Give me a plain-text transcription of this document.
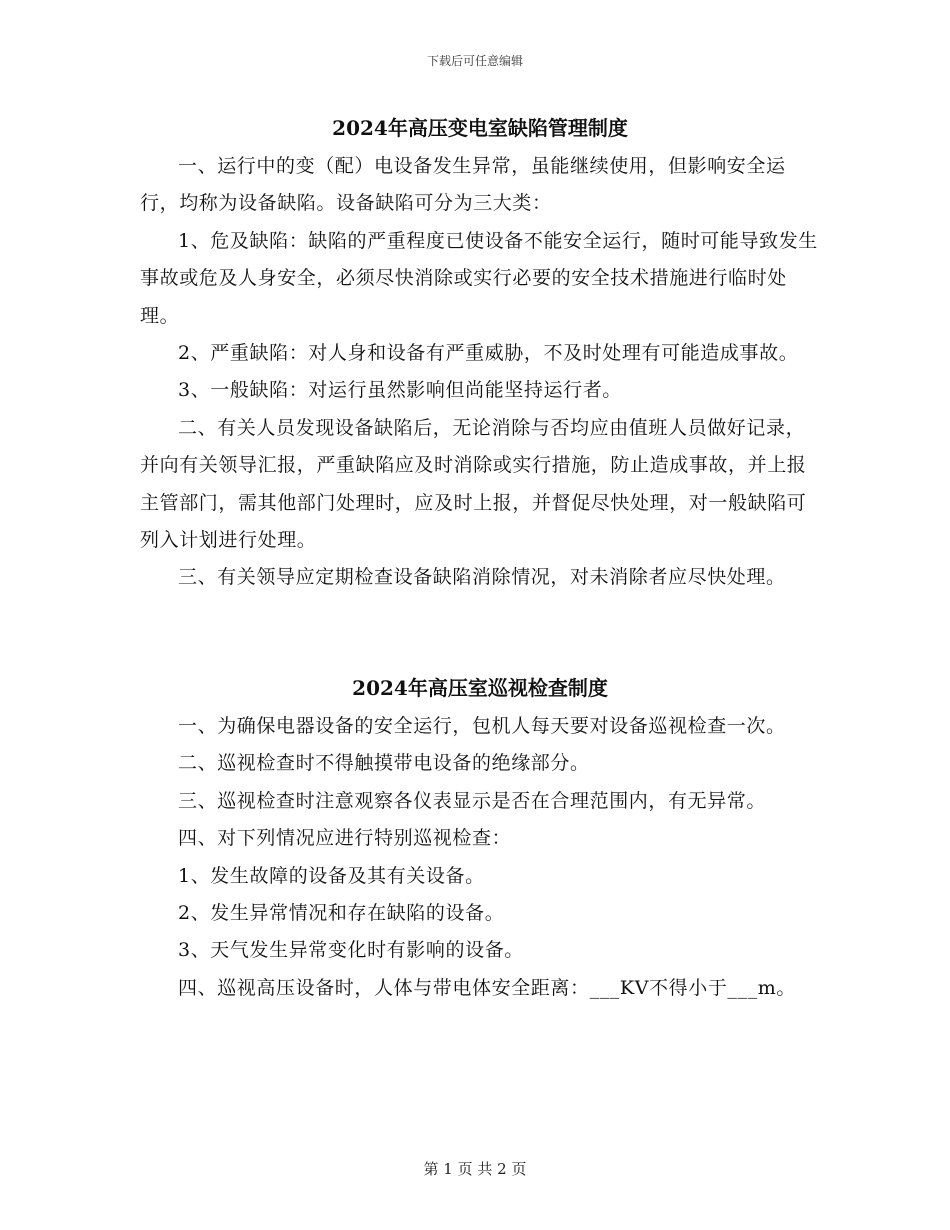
下载后可任意编辑
2024年高压变电室缺陷管理制度

一、运行中的变（配）电设备发生异常，虽能继续使用，但影响安全运行，均称为设备缺陷。设备缺陷可分为三大类：

1、危及缺陷：缺陷的严重程度已使设备不能安全运行，随时可能导致发生事故或危及人身安全，必须尽快消除或实行必要的安全技术措施进行临时处理。

2、严重缺陷：对人身和设备有严重威胁，不及时处理有可能造成事故。

3、一般缺陷：对运行虽然影响但尚能坚持运行者。

二、有关人员发现设备缺陷后，无论消除与否均应由值班人员做好记录，并向有关领导汇报，严重缺陷应及时消除或实行措施，防止造成事故，并上报主管部门，需其他部门处理时，应及时上报，并督促尽快处理，对一般缺陷可列入计划进行处理。

三、有关领导应定期检查设备缺陷消除情况，对未消除者应尽快处理。

2024年高压室巡视检查制度

一、为确保电器设备的安全运行，包机人每天要对设备巡视检查一次。

二、巡视检查时不得触摸带电设备的绝缘部分。

三、巡视检查时注意观察各仪表显示是否在合理范围内，有无异常。

四、对下列情况应进行特别巡视检查：

1、发生故障的设备及其有关设备。

2、发生异常情况和存在缺陷的设备。

3、天气发生异常变化时有影响的设备。

四、巡视高压设备时，人体与带电体安全距离：___KV不得小于___m。

第 1 页 共 2 页
